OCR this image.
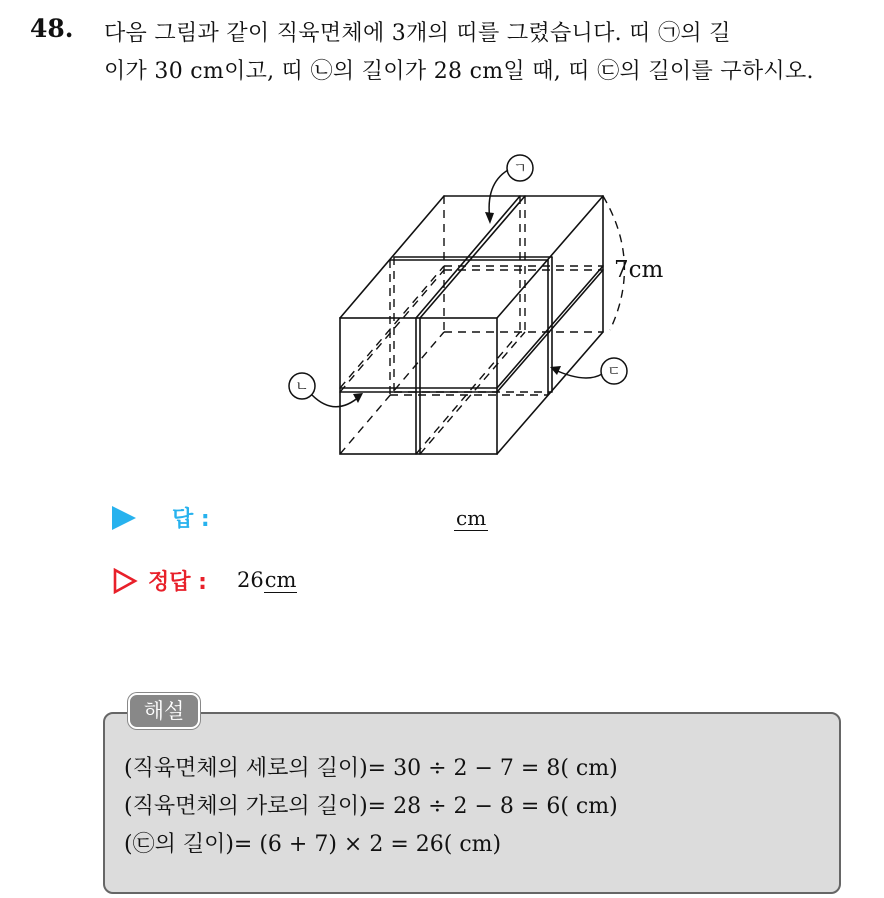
48. 다음 그림과 같이 직육면체에 3개의 띠를 그렸습니다. 띠 ㉠의 길
이가 30 cm이고, 띠 ㉡의 길이가 28 cm일 때, 띠 ㉢의 길이를 구하시오.
ㄱ
ㄴ
ㄷ
7cm
답 :	cm
정답 : 26cm
해설
(직육면체의 세로의 길이)= 30 ÷ 2 − 7 = 8( cm)
(직육면체의 가로의 길이)= 28 ÷ 2 − 8 = 6( cm)
(㉢의 길이)= (6 + 7) × 2 = 26( cm)
